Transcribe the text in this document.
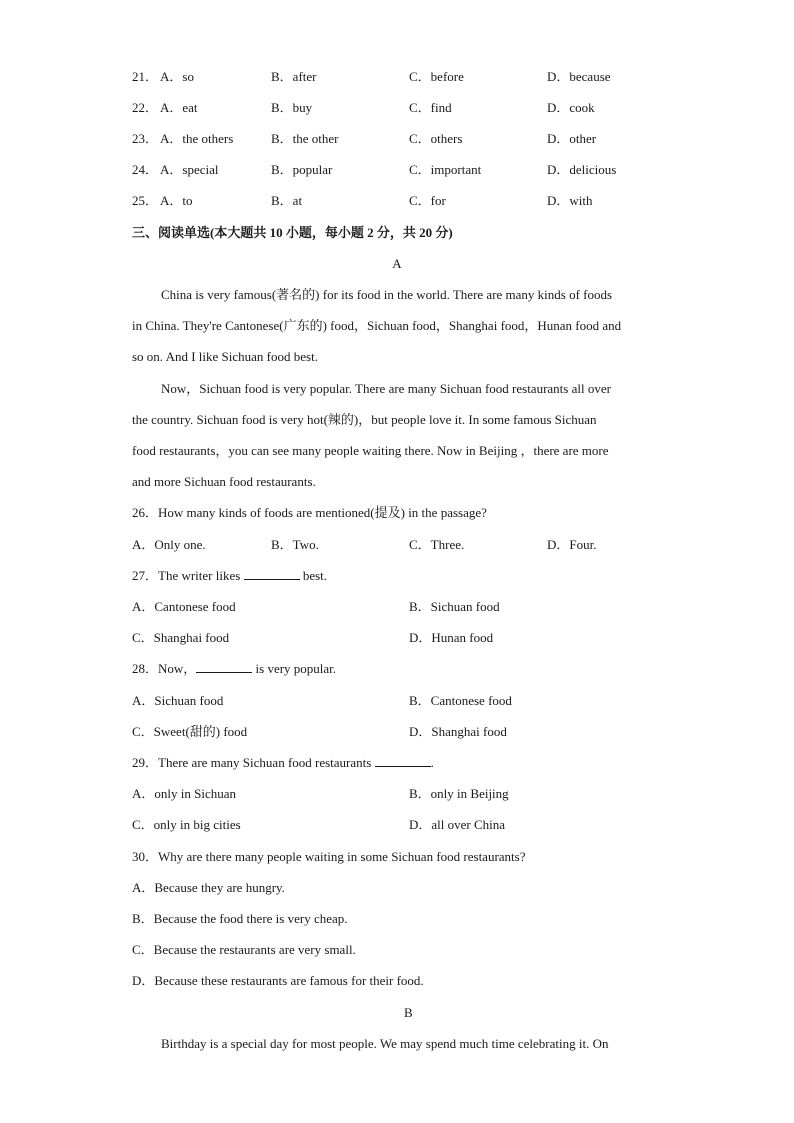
21． A．so	B．after	C．before	D．because
22． A．eat	B．buy	C．find	D．cook
23． A．the others	B．the other	C．others	D．other
24． A．special	B．popular	C．important	D．delicious
25． A．to	B．at	C．for	D．with
三、阅读单选(本大题共 10 小题，每小题 2 分，共 20 分)
A
China is very famous(著名的) for its food in the world. There are many kinds of foods
in China. They're Cantonese(广东的) food，Sichuan food，Shanghai food，Hunan food and
so on. And I like Sichuan food best.
Now，Sichuan food is very popular. There are many Sichuan food restaurants all over
the country. Sichuan food is very hot(辣的)，but people love it. In some famous Sichuan
food restaurants，you can see many people waiting there. Now in Beijing ，there are more
and more Sichuan food restaurants.
26．How many kinds of foods are mentioned(提及) in the passage?
A．Only one.	B．Two.	C．Three.	D．Four.
27．The writer likes	best.
A．Cantonese food	B．Sichuan food
C．Shanghai food	D．Hunan food
28．Now，	is very popular.
A．Sichuan food	B．Cantonese food
C．Sweet(甜的) food	D．Shanghai food
29．There are many Sichuan food restaurants	.
A．only in Sichuan	B．only in Beijing
C．only in big cities	D．all over China
30．Why are there many people waiting in some Sichuan food restaurants?
A．Because they are hungry.
B．Because the food there is very cheap.
C．Because the restaurants are very small.
D．Because these restaurants are famous for their food.
B
Birthday is a special day for most people. We may spend much time celebrating it. On
